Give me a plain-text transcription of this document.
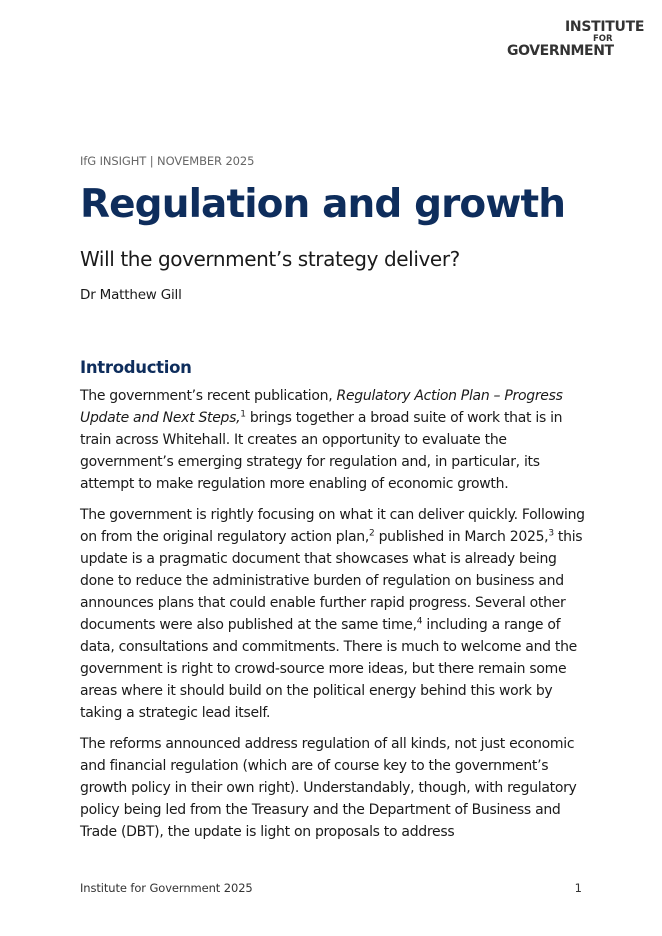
INSTITUTE
FOR
GOVERNMENT
IfG INSIGHT | NOVEMBER 2025
Regulation and growth
Will the government’s strategy deliver?
Dr Matthew Gill
Introduction

The government’s recent publication, Regulatory Action Plan – Progress Update and Next Steps,$^1$ brings together a broad suite of work that is in train across Whitehall. It creates an opportunity to evaluate the government’s emerging strategy for regulation and, in particular, its attempt to make regulation more enabling of economic growth.

The government is rightly focusing on what it can deliver quickly. Following on from the original regulatory action plan,$^2$ published in March 2025,$^3$ this update is a pragmatic document that showcases what is already being done to reduce the administrative burden of regulation on business and announces plans that could enable further rapid progress. Several other documents were also published at the same time,$^4$ including a range of data, consultations and commitments. There is much to welcome and the government is right to crowd-source more ideas, but there remain some areas where it should build on the political energy behind this work by taking a strategic lead itself.

The reforms announced address regulation of all kinds, not just economic and financial regulation (which are of course key to the government’s growth policy in their own right). Understandably, though, with regulatory policy being led from the Treasury and the Department of Business and Trade (DBT), the update is light on proposals to address

Institute for Government 2025	1
